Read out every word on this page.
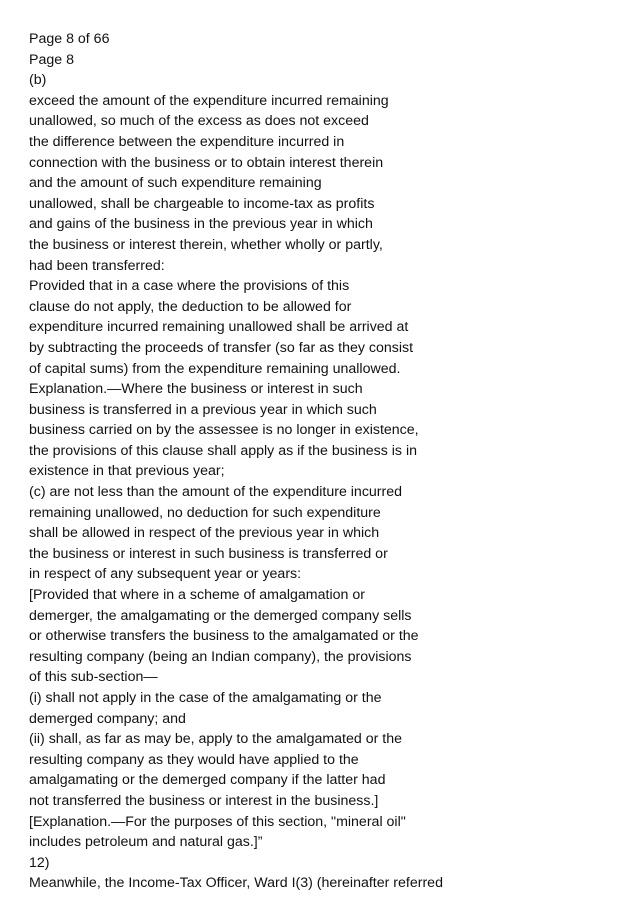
Page 8 of 66
Page 8
(b)
exceed the amount of the expenditure incurred remaining
unallowed, so much of the excess as does not exceed
the difference between the expenditure incurred in
connection with the business or to obtain interest therein
and the amount of such expenditure remaining
unallowed, shall be chargeable to income-tax as profits
and gains of the business in the previous year in which
the business or interest therein, whether wholly or partly,
had been transferred:
Provided that in a case where the provisions of this
clause do not apply, the deduction to be allowed for
expenditure incurred remaining unallowed shall be arrived at
by subtracting the proceeds of transfer (so far as they consist
of capital sums) from the expenditure remaining unallowed.
Explanation.—Where the business or interest in such
business is transferred in a previous year in which such
business carried on by the assessee is no longer in existence,
the provisions of this clause shall apply as if the business is in
existence in that previous year;
(c) are not less than the amount of the expenditure incurred
remaining unallowed, no deduction for such expenditure
shall be allowed in respect of the previous year in which
the business or interest in such business is transferred or
in respect of any subsequent year or years:
[Provided that where in a scheme of amalgamation or
demerger, the amalgamating or the demerged company sells
or otherwise transfers the business to the amalgamated or the
resulting company (being an Indian company), the provisions
of this sub-section—
(i) shall not apply in the case of the amalgamating or the
demerged company; and
(ii) shall, as far as may be, apply to the amalgamated or the
resulting company as they would have applied to the
amalgamating or the demerged company if the latter had
not transferred the business or interest in the business.]
[Explanation.—For the purposes of this section, "mineral oil"
includes petroleum and natural gas.]”
12)
Meanwhile, the Income-Tax Officer, Ward I(3) (hereinafter referred
